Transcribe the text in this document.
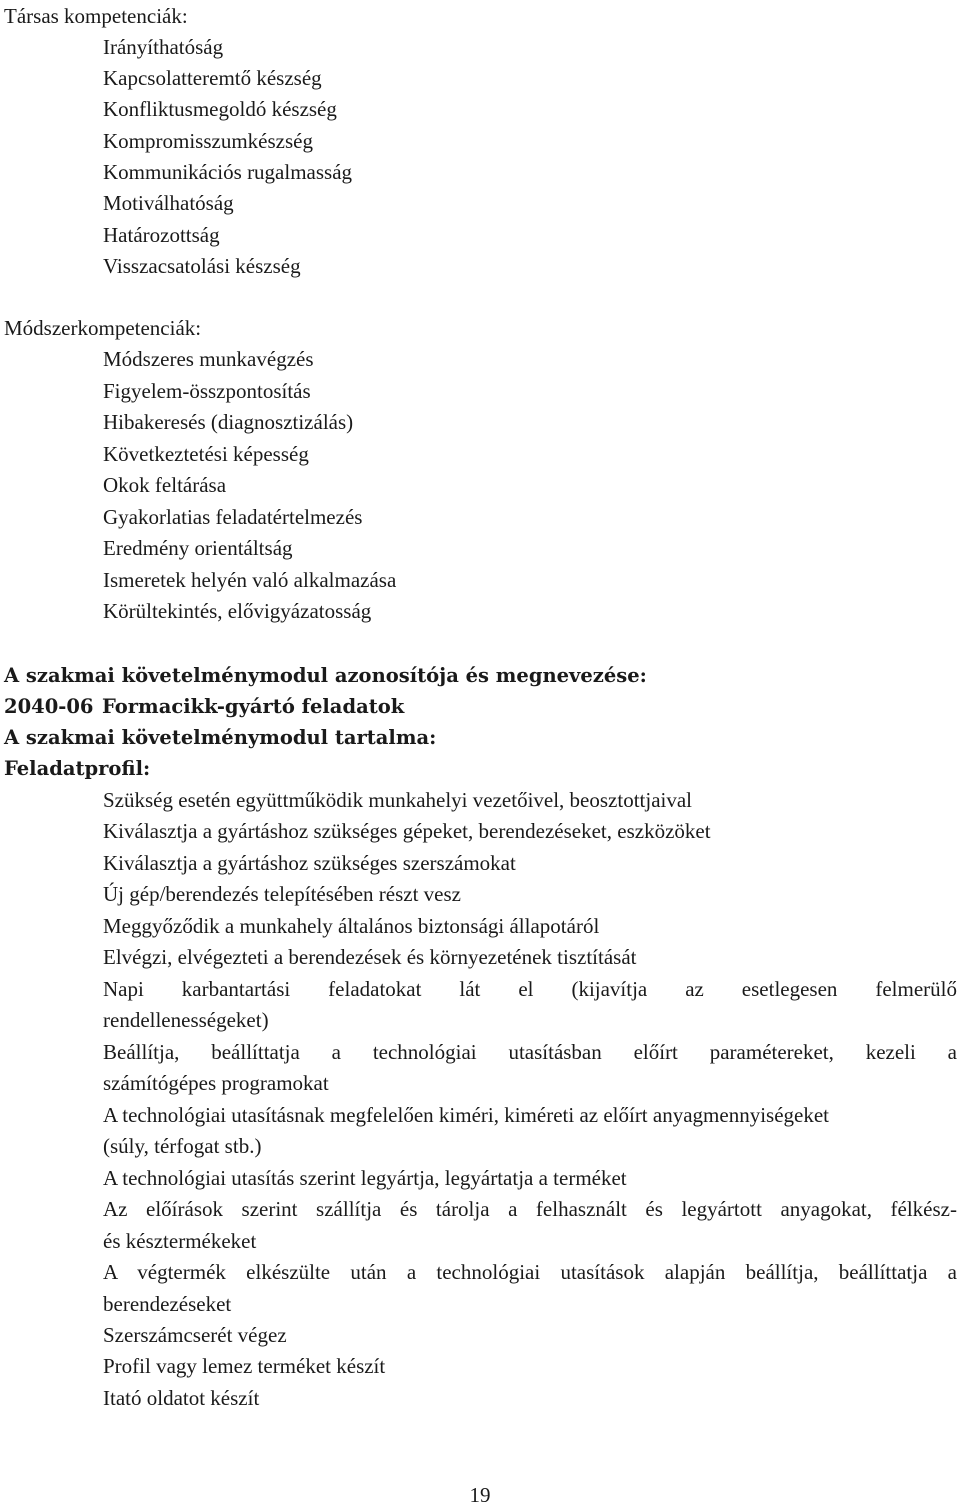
Társas kompetenciák:
Irányíthatóság
Kapcsolatteremtő készség
Konfliktusmegoldó készség
Kompromisszumkészség
Kommunikációs rugalmasság
Motiválhatóság
Határozottság
Visszacsatolási készség
Módszerkompetenciák:
Módszeres munkavégzés
Figyelem-összpontosítás
Hibakeresés (diagnosztizálás)
Következtetési képesség
Okok feltárása
Gyakorlatias feladatértelmezés
Eredmény orientáltság
Ismeretek helyén való alkalmazása
Körültekintés, elővigyázatosság
A szakmai követelménymodul azonosítója és megnevezése:
2040-06 Formacikk-gyártó feladatok
A szakmai követelménymodul tartalma:
Feladatprofil:
Szükség esetén együttműködik munkahelyi vezetőivel, beosztottjaival
Kiválasztja a gyártáshoz szükséges gépeket, berendezéseket, eszközöket
Kiválasztja a gyártáshoz szükséges szerszámokat
Új gép/berendezés telepítésében részt vesz
Meggyőződik a munkahely általános biztonsági állapotáról
Elvégzi, elvégezteti a berendezések és környezetének tisztítását
Napi karbantartási feladatokat lát el (kijavítja az esetlegesen felmerülő
rendellenességeket)
Beállítja, beállíttatja a technológiai utasításban előírt paramétereket, kezeli a
számítógépes programokat
A technológiai utasításnak megfelelően kiméri, kiméreti az előírt anyagmennyiségeket
(súly, térfogat stb.)
A technológiai utasítás szerint legyártja, legyártatja a terméket
Az előírások szerint szállítja és tárolja a felhasznált és legyártott anyagokat, félkész-
és késztermékeket
A végtermék elkészülte után a technológiai utasítások alapján beállítja, beállíttatja a
berendezéseket
Szerszámcserét végez
Profil vagy lemez terméket készít
Itató oldatot készít
19
